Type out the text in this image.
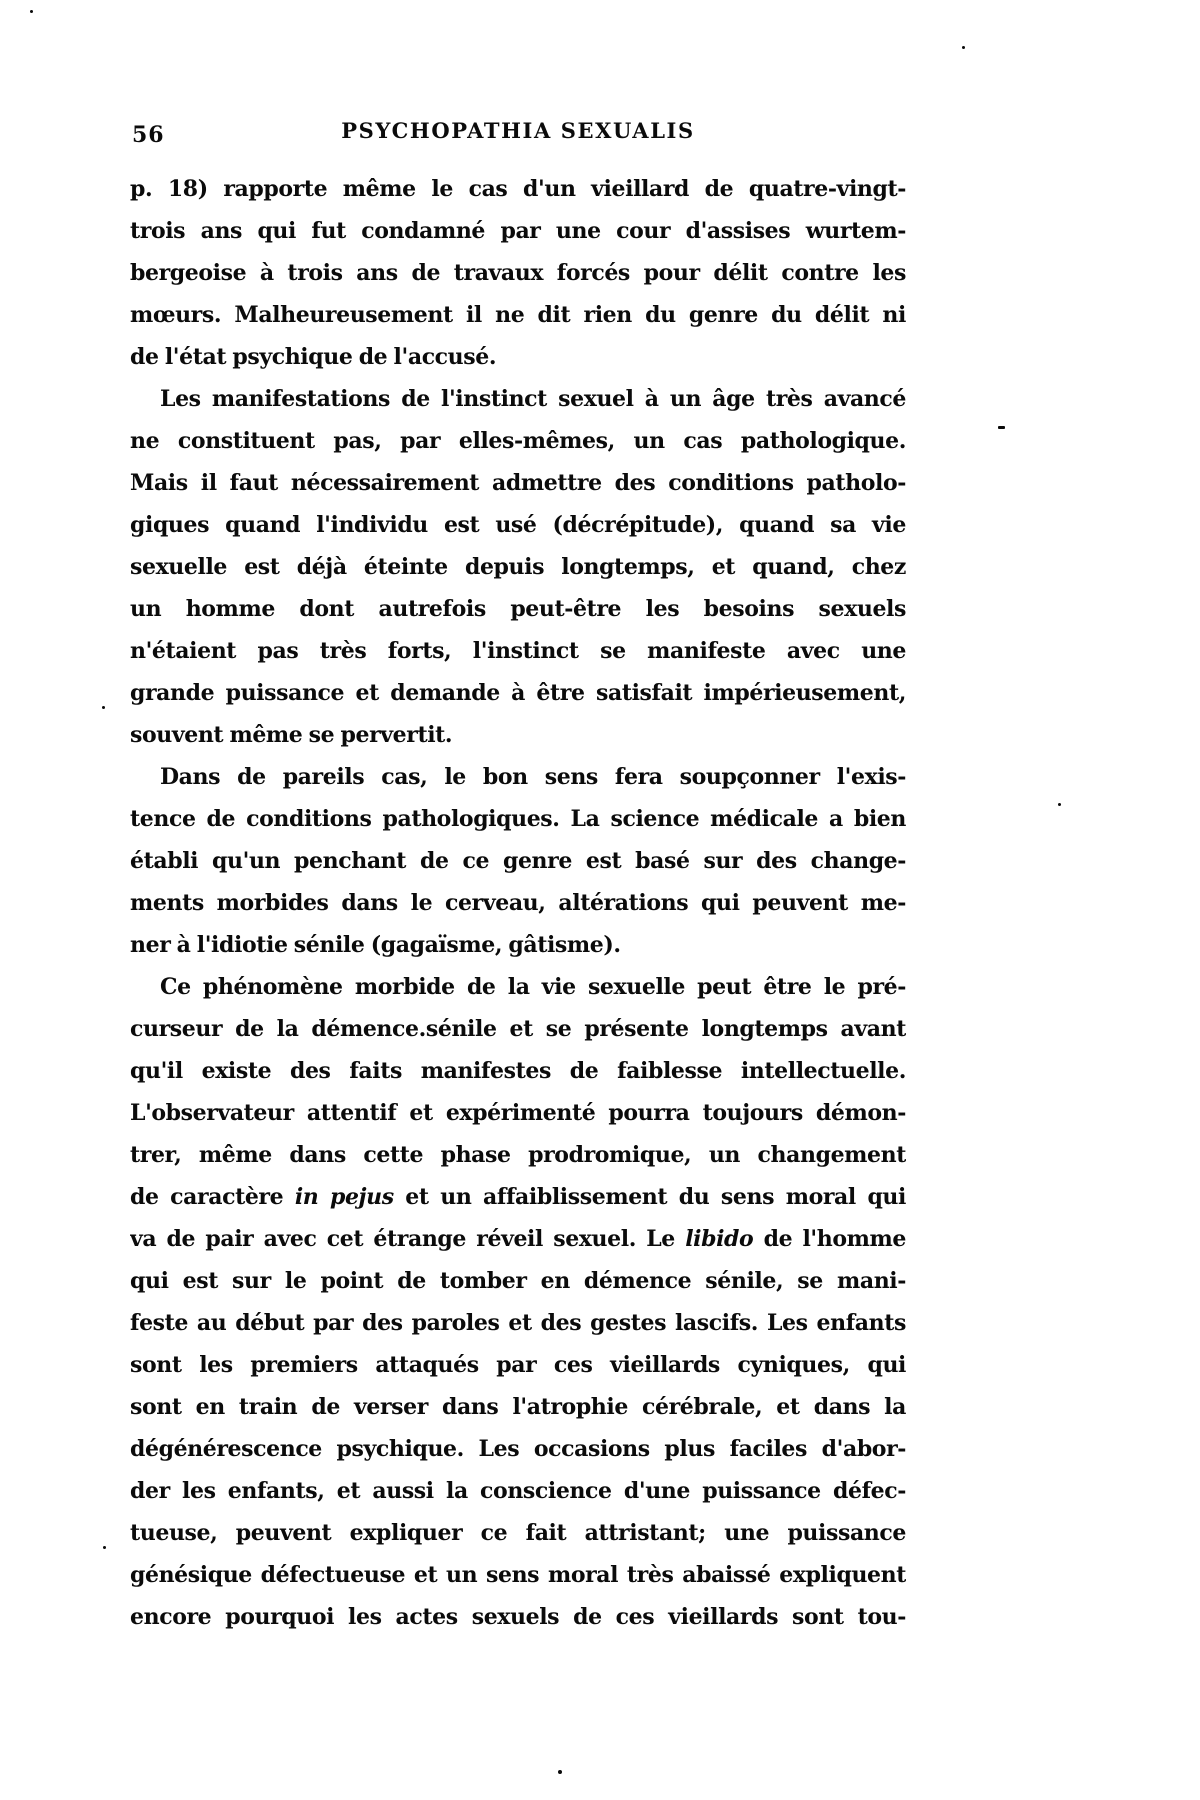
56	PSYCHOPATHIA SEXUALIS
p. 18) rapporte même le cas d'un vieillard de quatre-vingt-
trois ans qui fut condamné par une cour d'assises wurtem-
bergeoise à trois ans de travaux forcés pour délit contre les
mœurs. Malheureusement il ne dit rien du genre du délit ni
de l'état psychique de l'accusé.
Les manifestations de l'instinct sexuel à un âge très avancé
ne constituent pas, par elles-mêmes, un cas pathologique.
Mais il faut nécessairement admettre des conditions patholo-
giques quand l'individu est usé (décrépitude), quand sa vie
sexuelle est déjà éteinte depuis longtemps, et quand, chez
un homme dont autrefois peut-être les besoins sexuels
n'étaient pas très forts, l'instinct se manifeste avec une
grande puissance et demande à être satisfait impérieusement,
souvent même se pervertit.
Dans de pareils cas, le bon sens fera soupçonner l'exis-
tence de conditions pathologiques. La science médicale a bien
établi qu'un penchant de ce genre est basé sur des change-
ments morbides dans le cerveau, altérations qui peuvent me-
ner à l'idiotie sénile (gagaïsme, gâtisme).
Ce phénomène morbide de la vie sexuelle peut être le pré-
curseur de la démence.sénile et se présente longtemps avant
qu'il existe des faits manifestes de faiblesse intellectuelle.
L'observateur attentif et expérimenté pourra toujours démon-
trer, même dans cette phase prodromique, un changement
de caractère in pejus et un affaiblissement du sens moral qui
va de pair avec cet étrange réveil sexuel. Le libido de l'homme
qui est sur le point de tomber en démence sénile, se mani-
feste au début par des paroles et des gestes lascifs. Les enfants
sont les premiers attaqués par ces vieillards cyniques, qui
sont en train de verser dans l'atrophie cérébrale, et dans la
dégénérescence psychique. Les occasions plus faciles d'abor-
der les enfants, et aussi la conscience d'une puissance défec-
tueuse, peuvent expliquer ce fait attristant; une puissance
génésique défectueuse et un sens moral très abaissé expliquent
encore pourquoi les actes sexuels de ces vieillards sont tou-
